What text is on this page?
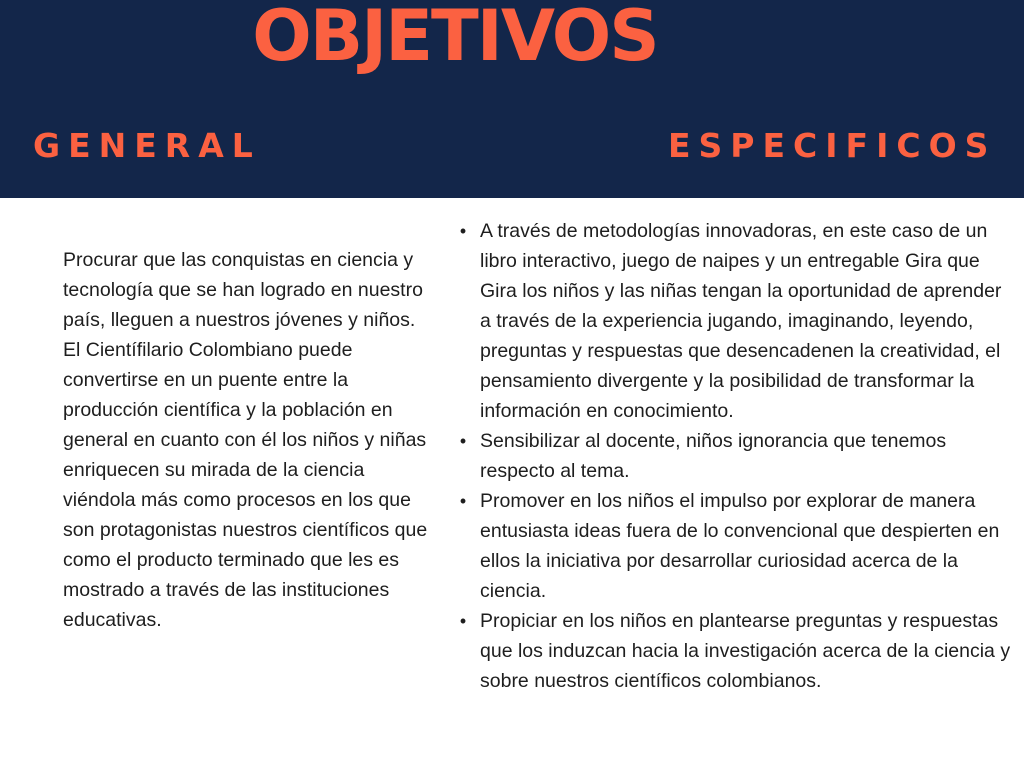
OBJETIVOS
GENERAL	ESPECIFICOS

Procurar que las conquistas en ciencia y tecnología que se han logrado en nuestro país, lleguen a nuestros jóvenes y niños. El Científilario Colombiano puede convertirse en un puente entre la producción científica y la población en general en cuanto con él los niños y niñas enriquecen su mirada de la ciencia viéndola más como procesos en los que son protagonistas nuestros científicos que como el producto terminado que les es mostrado a través de las instituciones educativas.

• A través de metodologías innovadoras, en este caso de un libro interactivo, juego de naipes y un entregable Gira que Gira los niños y las niñas tengan la oportunidad de aprender a través de la experiencia jugando, imaginando, leyendo, preguntas y respuestas que desencadenen la creatividad, el pensamiento divergente y la posibilidad de transformar la información en conocimiento.
• Sensibilizar al docente, niños ignorancia que tenemos respecto al tema.
• Promover en los niños el impulso por explorar de manera entusiasta ideas fuera de lo convencional que despierten en ellos la iniciativa por desarrollar curiosidad acerca de la ciencia.
• Propiciar en los niños en plantearse preguntas y respuestas que los induzcan hacia la investigación acerca de la ciencia y sobre nuestros científicos colombianos.
